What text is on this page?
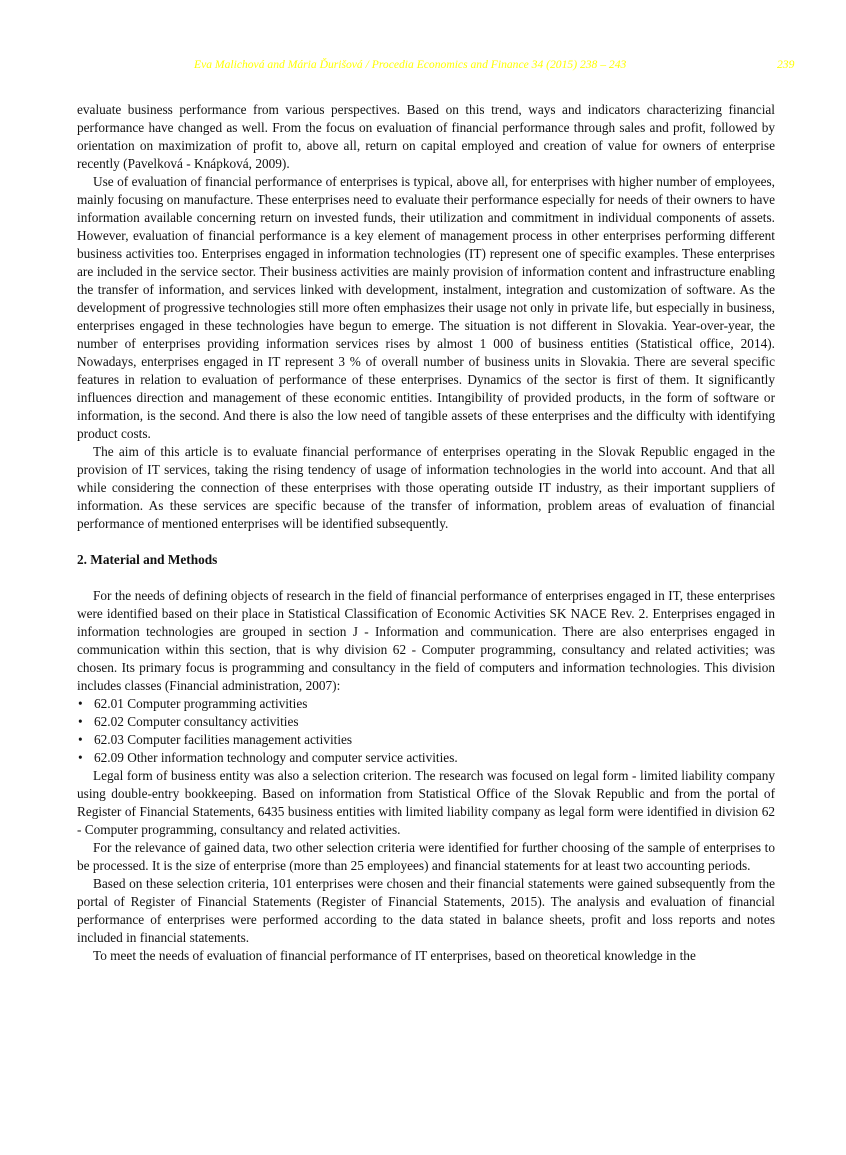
Eva Malichová and Mária Ďurišová / Procedia Economics and Finance 34 (2015) 238 – 243	239

evaluate business performance from various perspectives. Based on this trend, ways and indicators characterizing financial performance have changed as well. From the focus on evaluation of financial performance through sales and profit, followed by orientation on maximization of profit to, above all, return on capital employed and creation of value for owners of enterprise recently (Pavelková - Knápková, 2009).

Use of evaluation of financial performance of enterprises is typical, above all, for enterprises with higher number of employees, mainly focusing on manufacture. These enterprises need to evaluate their performance especially for needs of their owners to have information available concerning return on invested funds, their utilization and commitment in individual components of assets. However, evaluation of financial performance is a key element of management process in other enterprises performing different business activities too. Enterprises engaged in information technologies (IT) represent one of specific examples. These enterprises are included in the service sector. Their business activities are mainly provision of information content and infrastructure enabling the transfer of information, and services linked with development, instalment, integration and customization of software. As the development of progressive technologies still more often emphasizes their usage not only in private life, but especially in business, enterprises engaged in these technologies have begun to emerge. The situation is not different in Slovakia. Year-over-year, the number of enterprises providing information services rises by almost 1 000 of business entities (Statistical office, 2014). Nowadays, enterprises engaged in IT represent 3 % of overall number of business units in Slovakia. There are several specific features in relation to evaluation of performance of these enterprises. Dynamics of the sector is first of them. It significantly influences direction and management of these economic entities. Intangibility of provided products, in the form of software or information, is the second. And there is also the low need of tangible assets of these enterprises and the difficulty with identifying product costs.

The aim of this article is to evaluate financial performance of enterprises operating in the Slovak Republic engaged in the provision of IT services, taking the rising tendency of usage of information technologies in the world into account. And that all while considering the connection of these enterprises with those operating outside IT industry, as their important suppliers of information. As these services are specific because of the transfer of information, problem areas of evaluation of financial performance of mentioned enterprises will be identified subsequently.

2. Material and Methods

For the needs of defining objects of research in the field of financial performance of enterprises engaged in IT, these enterprises were identified based on their place in Statistical Classification of Economic Activities SK NACE Rev. 2. Enterprises engaged in information technologies are grouped in section J - Information and communication. There are also enterprises engaged in communication within this section, that is why division 62 - Computer programming, consultancy and related activities; was chosen. Its primary focus is programming and consultancy in the field of computers and information technologies. This division includes classes (Financial administration, 2007):

• 62.01 Computer programming activities
• 62.02 Computer consultancy activities
• 62.03 Computer facilities management activities
• 62.09 Other information technology and computer service activities.

Legal form of business entity was also a selection criterion. The research was focused on legal form - limited liability company using double-entry bookkeeping. Based on information from Statistical Office of the Slovak Republic and from the portal of Register of Financial Statements, 6435 business entities with limited liability company as legal form were identified in division 62 - Computer programming, consultancy and related activities.

For the relevance of gained data, two other selection criteria were identified for further choosing of the sample of enterprises to be processed. It is the size of enterprise (more than 25 employees) and financial statements for at least two accounting periods.

Based on these selection criteria, 101 enterprises were chosen and their financial statements were gained subsequently from the portal of Register of Financial Statements (Register of Financial Statements, 2015). The analysis and evaluation of financial performance of enterprises were performed according to the data stated in balance sheets, profit and loss reports and notes included in financial statements.

To meet the needs of evaluation of financial performance of IT enterprises, based on theoretical knowledge in the
